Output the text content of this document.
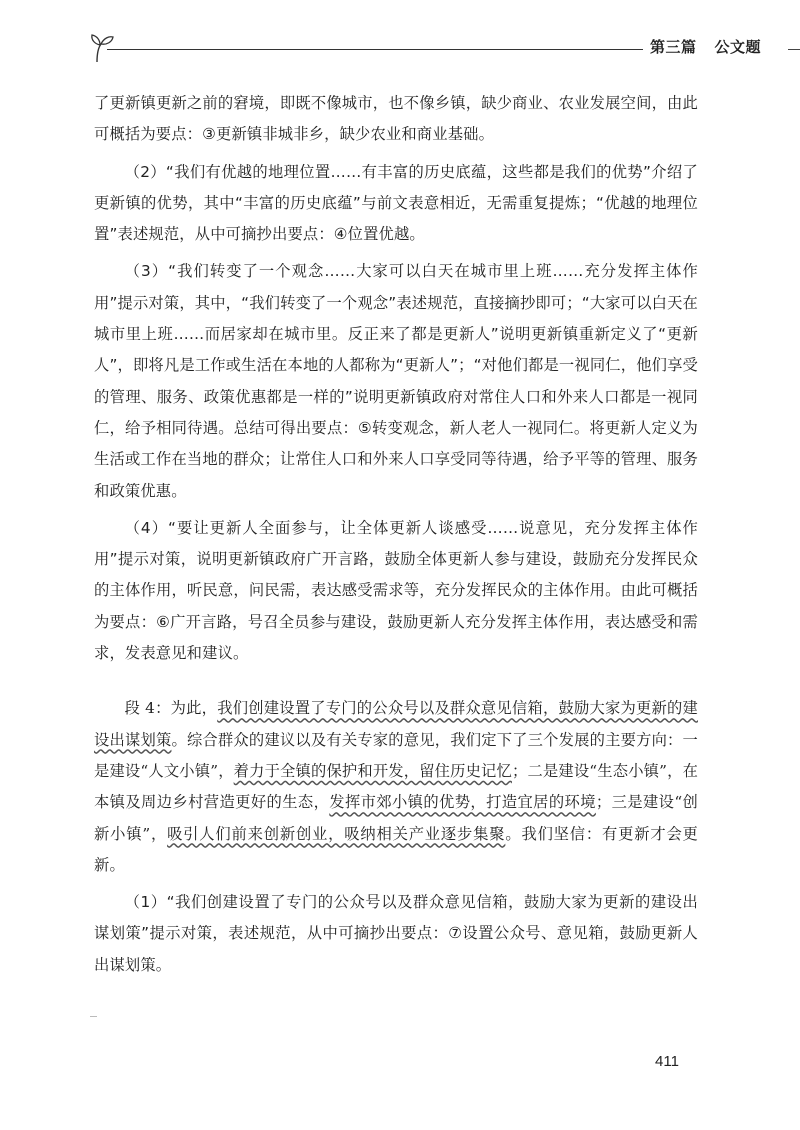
第三篇 公文题

了更新镇更新之前的窘境，即既不像城市，也不像乡镇，缺少商业、农业发展空间，由此可概括为要点：③更新镇非城非乡，缺少农业和商业基础。

（2）“我们有优越的地理位置……有丰富的历史底蕴，这些都是我们的优势”介绍了更新镇的优势，其中“丰富的历史底蕴”与前文表意相近，无需重复提炼；“优越的地理位置”表述规范，从中可摘抄出要点：④位置优越。

（3）“我们转变了一个观念……大家可以白天在城市里上班……充分发挥主体作用”提示对策，其中，“我们转变了一个观念”表述规范，直接摘抄即可；“大家可以白天在城市里上班……而居家却在城市里。反正来了都是更新人”说明更新镇重新定义了“更新人”，即将凡是工作或生活在本地的人都称为“更新人”；“对他们都是一视同仁，他们享受的管理、服务、政策优惠都是一样的”说明更新镇政府对常住人口和外来人口都是一视同仁，给予相同待遇。总结可得出要点：⑤转变观念，新人老人一视同仁。将更新人定义为生活或工作在当地的群众；让常住人口和外来人口享受同等待遇，给予平等的管理、服务和政策优惠。

（4）“要让更新人全面参与，让全体更新人谈感受……说意见，充分发挥主体作用”提示对策，说明更新镇政府广开言路，鼓励全体更新人参与建设，鼓励充分发挥民众的主体作用，听民意，问民需，表达感受需求等，充分发挥民众的主体作用。由此可概括为要点：⑥广开言路，号召全员参与建设，鼓励更新人充分发挥主体作用，表达感受和需求，发表意见和建议。

段 4：为此，我们创建设置了专门的公众号以及群众意见信箱，鼓励大家为更新的建设出谋划策。综合群众的建议以及有关专家的意见，我们定下了三个发展的主要方向：一是建设“人文小镇”，着力于全镇的保护和开发，留住历史记忆；二是建设“生态小镇”，在本镇及周边乡村营造更好的生态，发挥市郊小镇的优势，打造宜居的环境；三是建设“创新小镇”，吸引人们前来创新创业，吸纳相关产业逐步集聚。我们坚信：有更新才会更新。

（1）“我们创建设置了专门的公众号以及群众意见信箱，鼓励大家为更新的建设出谋划策”提示对策，表述规范，从中可摘抄出要点：⑦设置公众号、意见箱，鼓励更新人出谋划策。

411
